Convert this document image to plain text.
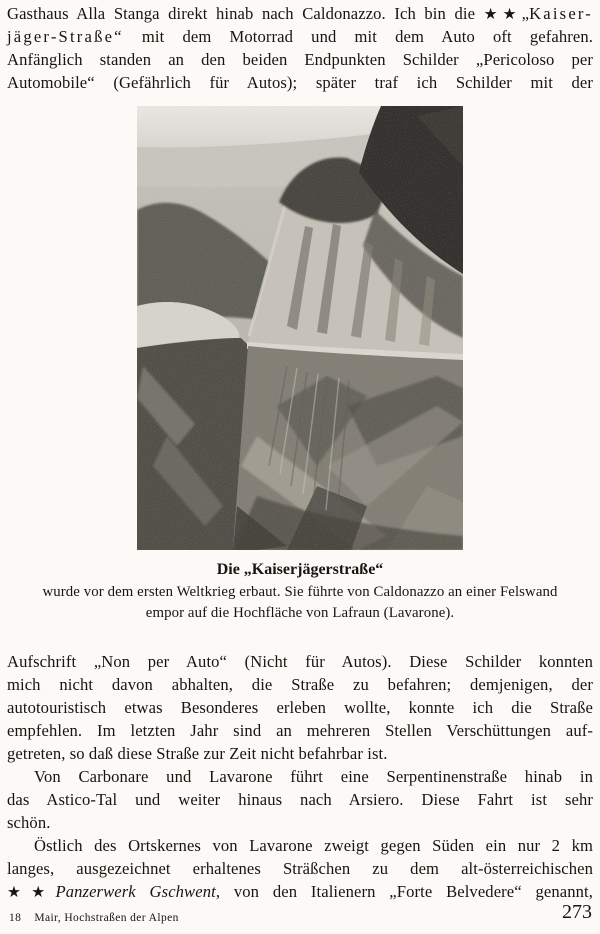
Gasthaus Alla Stanga direkt hinab nach Caldonazzo. Ich bin die ★★„Kaiser-
jäger-Straße“ mit dem Motorrad und mit dem Auto oft gefahren.
Anfänglich standen an den beiden Endpunkten Schilder „Pericoloso per
Automobile“ (Gefährlich für Autos); später traf ich Schilder mit der
Die „Kaiserjägerstraße“
wurde vor dem ersten Weltkrieg erbaut. Sie führte von Caldonazzo an einer Felswand
empor auf die Hochfläche von Lafraun (Lavarone).
Aufschrift „Non per Auto“ (Nicht für Autos). Diese Schilder konnten
mich nicht davon abhalten, die Straße zu befahren; demjenigen, der
autotouristisch etwas Besonderes erleben wollte, konnte ich die Straße
empfehlen. Im letzten Jahr sind an mehreren Stellen Verschüttungen auf-
getreten, so daß diese Straße zur Zeit nicht befahrbar ist.
Von Carbonare und Lavarone führt eine Serpentinenstraße hinab in
das Astico-Tal und weiter hinaus nach Arsiero. Diese Fahrt ist sehr
schön.
Östlich des Ortskernes von Lavarone zweigt gegen Süden ein nur 2 km
langes, ausgezeichnet erhaltenes Sträßchen zu dem alt-österreichischen
★★Panzerwerk Gschwent, von den Italienern „Forte Belvedere“ genannt,
18 Mair, Hochstraßen der Alpen	273
